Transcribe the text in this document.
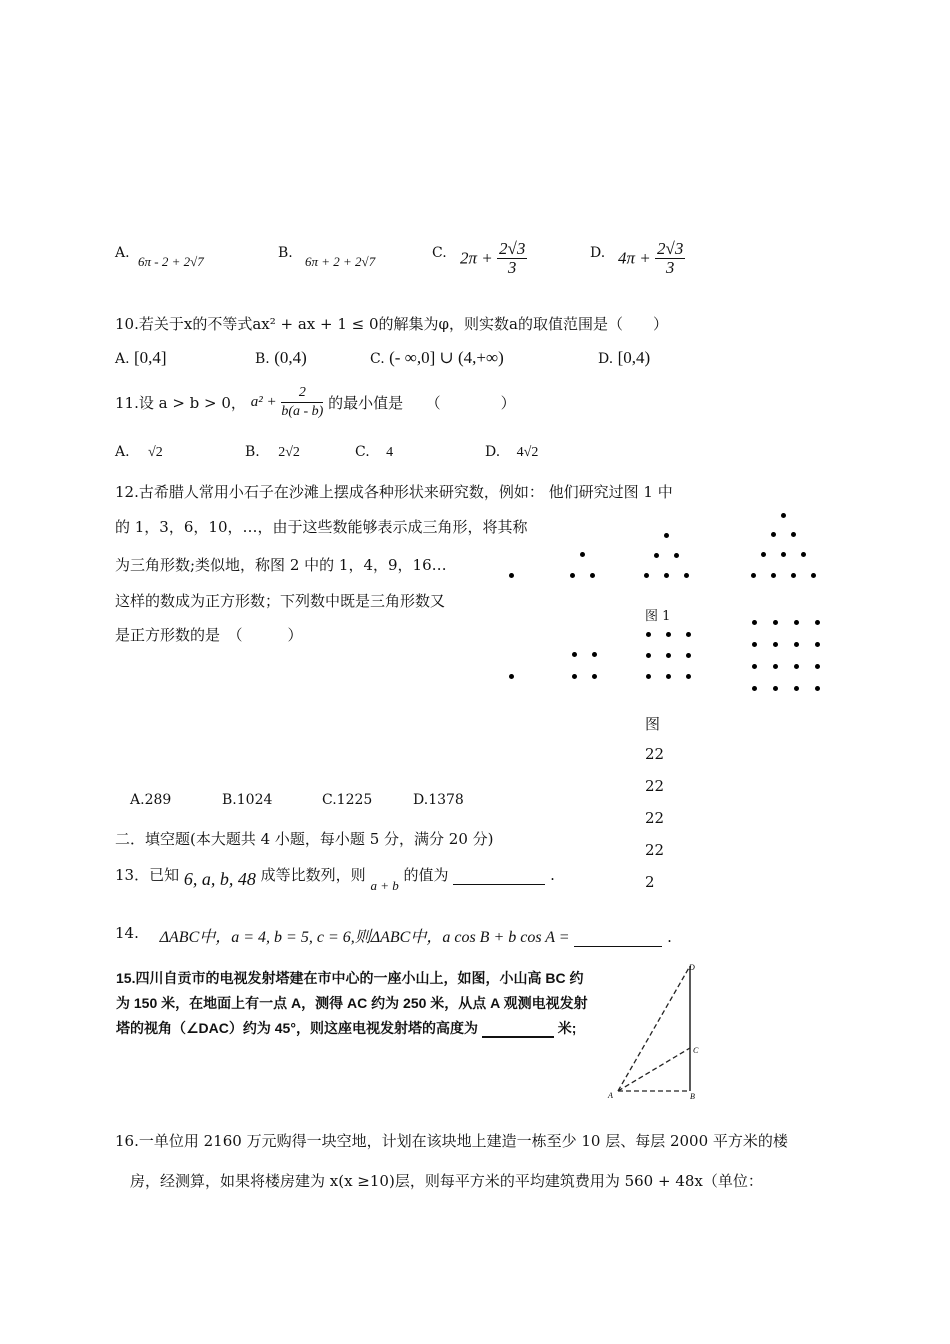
A.
6π - 2 + 2√7
B.
6π + 2 + 2√7
C. $2\pi + \frac{2√3}{3}$	D. $4\pi + \frac{2√3}{3}$
10.若关于x的不等式ax² + ax + 1 ≤ 0的解集为φ，则实数a的取值范围是（　　）
A. [0,4]	B. (0,4)	C. (- ∞,0] ∪ (4,+∞)	D. [0,4)
11.设 a > b > 0， $a^2 + \frac{2}{b(a - b)}$ 的最小值是　　（　　　　）
A. √2	B. 2√2	C. 4	D. 4√2
12.古希腊人常用小石子在沙滩上摆成各种形状来研究数，例如： 他们研究过图 1 中
的 1，3，6，10，…，由于这些数能够表示成三角形，将其称
为三角形数;类似地，称图 2 中的 1，4，9，16…
这样的数成为正方形数；下列数中既是三角形数又
是正方形数的是　（　　　）
图 1
图
22
22
22
22
2
A.289	B.1024	C.1225	D.1378
二．填空题(本大题共 4 小题，每小题 5 分，满分 20 分)
13．已知 6, a, b, 48 成等比数列，则 a + b 的值为	.
14. ΔABC中，a = 4, b = 5, c = 6,则ΔABC中，a cos B + b cos A =	.
15.四川自贡市的电视发射塔建在市中心的一座小山上，如图，小山高 BC 约
为 150 米，在地面上有一点 A，测得 AC 约为 250 米，从点 A 观测电视发射
塔的视角（∠DAC）约为 45°，则这座电视发射塔的高度为	米;
D
C
A	B
16.一单位用 2160 万元购得一块空地，计划在该块地上建造一栋至少 10 层、每层 2000 平方米的楼
房，经测算，如果将楼房建为 x(x ≥10)层，则每平方米的平均建筑费用为 560 + 48x（单位：
